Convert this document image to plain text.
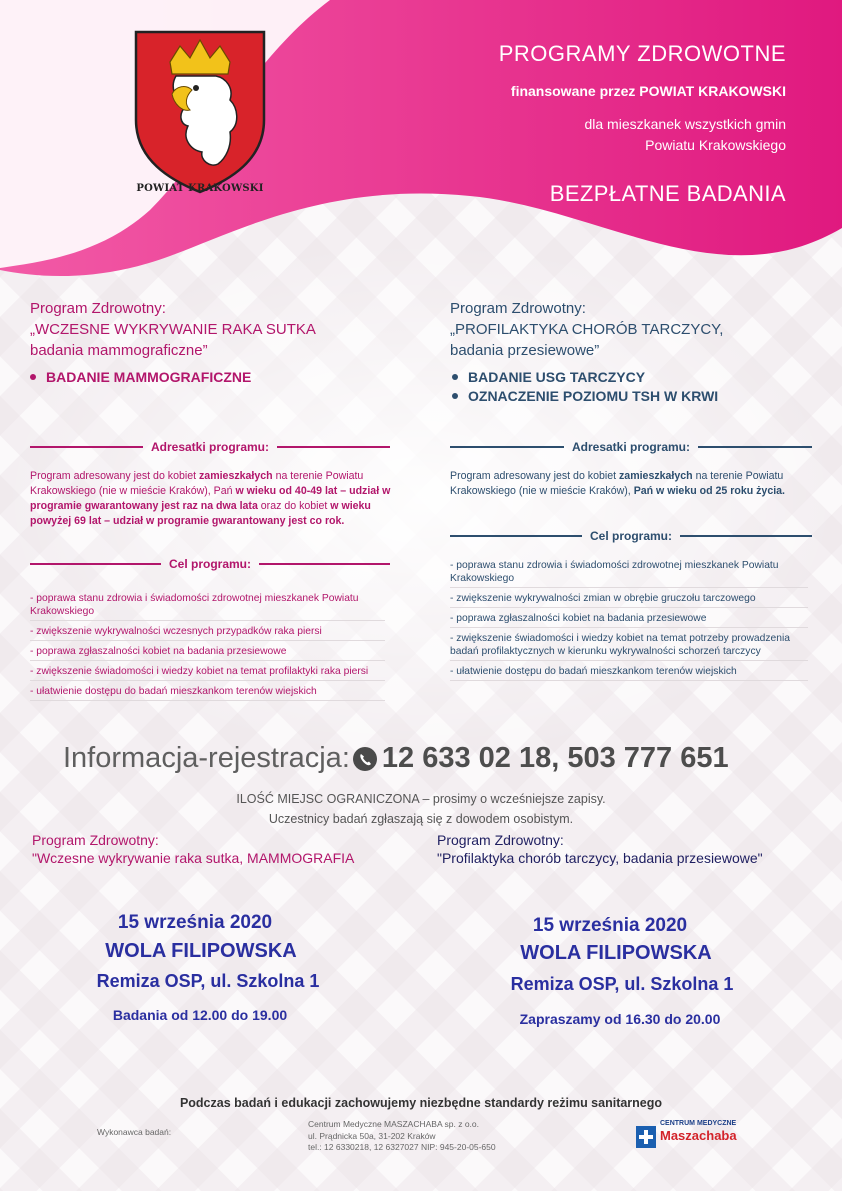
POWIAT KRAKOWSKI
PROGRAMY ZDROWOTNE
finansowane przez POWIAT KRAKOWSKI
dla mieszkanek wszystkich gmin
Powiatu Krakowskiego
BEZPŁATNE BADANIA
Program Zdrowotny:
„WCZESNE WYKRYWANIE RAKA SUTKA
badania mammograficzne”
BADANIE MAMMOGRAFICZNE
Program Zdrowotny:
„PROFILAKTYKA CHORÓB TARCZYCY,
badania przesiewowe”
BADANIE USG TARCZYCY
OZNACZENIE POZIOMU TSH W KRWI
Adresatki programu:
Program adresowany jest do kobiet zamieszkałych na terenie Powiatu Krakowskiego (nie w mieście Kraków), Pań w wieku od 40-49 lat – udział w programie gwarantowany jest raz na dwa lata oraz do kobiet w wieku powyżej 69 lat – udział w programie gwarantowany jest co rok.
Cel programu:
- poprawa stanu zdrowia i świadomości zdrowotnej mieszkanek Powiatu Krakowskiego
- zwiększenie wykrywalności wczesnych przypadków raka piersi
- poprawa zgłaszalności kobiet na badania przesiewowe
- zwiększenie świadomości i wiedzy kobiet na temat profilaktyki raka piersi
- ułatwienie dostępu do badań mieszkankom terenów wiejskich
Adresatki programu:
Program adresowany jest do kobiet zamieszkałych na terenie Powiatu Krakowskiego (nie w mieście Kraków), Pań w wieku od 25 roku życia.
Cel programu:
- poprawa stanu zdrowia i świadomości zdrowotnej mieszkanek Powiatu Krakowskiego
- zwiększenie wykrywalności zmian w obrębie gruczołu tarczowego
- poprawa zgłaszalności kobiet na badania przesiewowe
- zwiększenie świadomości i wiedzy kobiet na temat potrzeby prowadzenia badań profilaktycznych w kierunku wykrywalności schorzeń tarczycy
- ułatwienie dostępu do badań mieszkankom terenów wiejskich
Informacja-rejestracja: 12 633 02 18, 503 777 651
ILOŚĆ MIEJSC OGRANICZONA – prosimy o wcześniejsze zapisy.
Uczestnicy badań zgłaszają się z dowodem osobistym.
Program Zdrowotny:
"Wczesne wykrywanie raka sutka, MAMMOGRAFIA
Program Zdrowotny:
"Profilaktyka chorób tarczycy, badania przesiewowe"
15 września 2020
WOLA FILIPOWSKA
Remiza OSP, ul. Szkolna 1
Badania od 12.00 do 19.00
15 września 2020
WOLA FILIPOWSKA
Remiza OSP, ul. Szkolna 1
Zapraszamy od 16.30 do 20.00
Podczas badań i edukacji zachowujemy niezbędne standardy reżimu sanitarnego
Wykonawca badań:
Centrum Medyczne MASZACHABA sp. z o.o.
ul. Prądnicka 50a, 31-202 Kraków
tel.: 12 6330218, 12 6327027 NIP: 945-20-05-650
CENTRUM MEDYCZNE
Maszachaba
